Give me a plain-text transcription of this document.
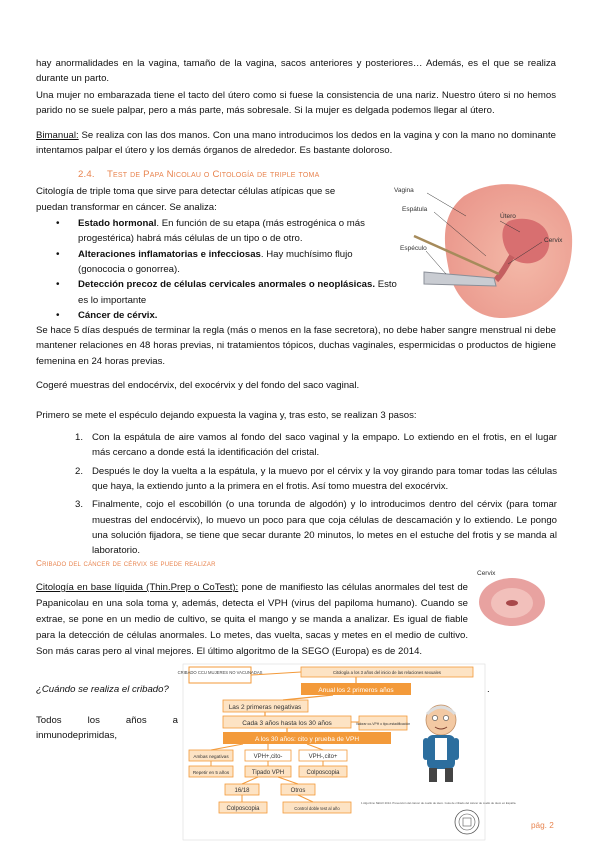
hay anormalidades en la vagina, tamaño de la vagina, sacos anteriores y posteriores… Además, es el que se realiza durante un parto.

Una mujer no embarazada tiene el tacto del útero como si fuese la consistencia de una nariz. Nuestro útero si no hemos parido no se suele palpar, pero a más parte, más sobresale. Si la mujer es delgada podemos llegar al útero.

Bimanual: Se realiza con las dos manos. Con una mano introducimos los dedos en la vagina y con la mano no dominante intentamos palpar el útero y los demás órganos de alrededor. Es bastante doloroso.

2.4. Test de Papa Nicolau o Citología de triple toma

Citología de triple toma que sirve para detectar células atípicas que se puedan transformar en cáncer. Se analiza:

• Estado hormonal. En función de su etapa (más estrogénica o más progestérica) habrá más células de un tipo o de otro.
• Alteraciones inflamatorias e infecciosas. Hay muchísimo flujo (gonococia o gonorrea).
• Detección precoz de células cervicales anormales o neoplásicas. Esto es lo importante
• Cáncer de cérvix.
Vagina
Espátula
Útero
Cervix
Espéculo

Se hace 5 días después de terminar la regla (más o menos en la fase secretora), no debe haber sangre menstrual ni debe mantener relaciones en 48 horas previas, ni tratamientos tópicos, duchas vaginales, espermicidas o productos de higiene femenina en 24 horas previas.

Cogeré muestras del endocérvix, del exocérvix y del fondo del saco vaginal.

Primero se mete el espéculo dejando expuesta la vagina y, tras esto, se realizan 3 pasos:

1. Con la espátula de aire vamos al fondo del saco vaginal y la empapo. Lo extiendo en el frotis, en el lugar más cercano a donde está la identificación del cristal.

2. Después le doy la vuelta a la espátula, y la muevo por el cérvix y la voy girando para tomar todas las células que haya, la extiendo junto a la primera en el frotis. Así tomo muestra del exocérvix.

3. Finalmente, cojo el escobillón (o una torunda de algodón) y lo introducimos dentro del cérvix (para tomar muestras del endocérvix), lo muevo un poco para que coja células de descamación y lo extiendo. Le pongo una solución fijadora, se tiene que secar durante 20 minutos, lo metes en el estuche del frotis y se manda al laboratorio.

Cribado del cáncer de cérvix se puede realizar

Citología en base líquida (Thin.Prep o CoTest): pone de manifiesto las células anormales del test de Papanicolau en una sola toma y, además, detecta el VPH (virus del papiloma humano). Cuando se extrae, se pone en un medio de cultivo, se quita el mango y se manda a analizar. Es igual de fiable para la detección de células anormales. Lo metes, das vuelta, sacas y metes en el medio de cultivo. Son más caras pero al vinal mejores. El último algoritmo de la SEGO (Europa) es de 2014.

Cervix
¿Cuándo se realiza el cribado?	.
Todos los años a inmunodeprimidas,
CRIBADO CCU MUJERES NO VACUNADAS	Citología a los 3 años del inicio de las relaciones sexuales
Anual los 2 primeros años
Las 2 primeras negativas
Cada 3 años hasta los 30 años	Valorar co-VPH o tipo-estadificación
A los 30 años: cito y prueba de VPH
Ambas negativas	VPH+,cito-	VPH-,cito+
Repetir en 5 años	Tipado VPH	Colposcopia
16/18	Otros
Colposcopia	Control doble test al año
1 Algoritmo SEGO 2014. Prevención del cáncer de cuello de útero. Guía de cribado del cáncer de cuello de útero en España.
pág. 2
